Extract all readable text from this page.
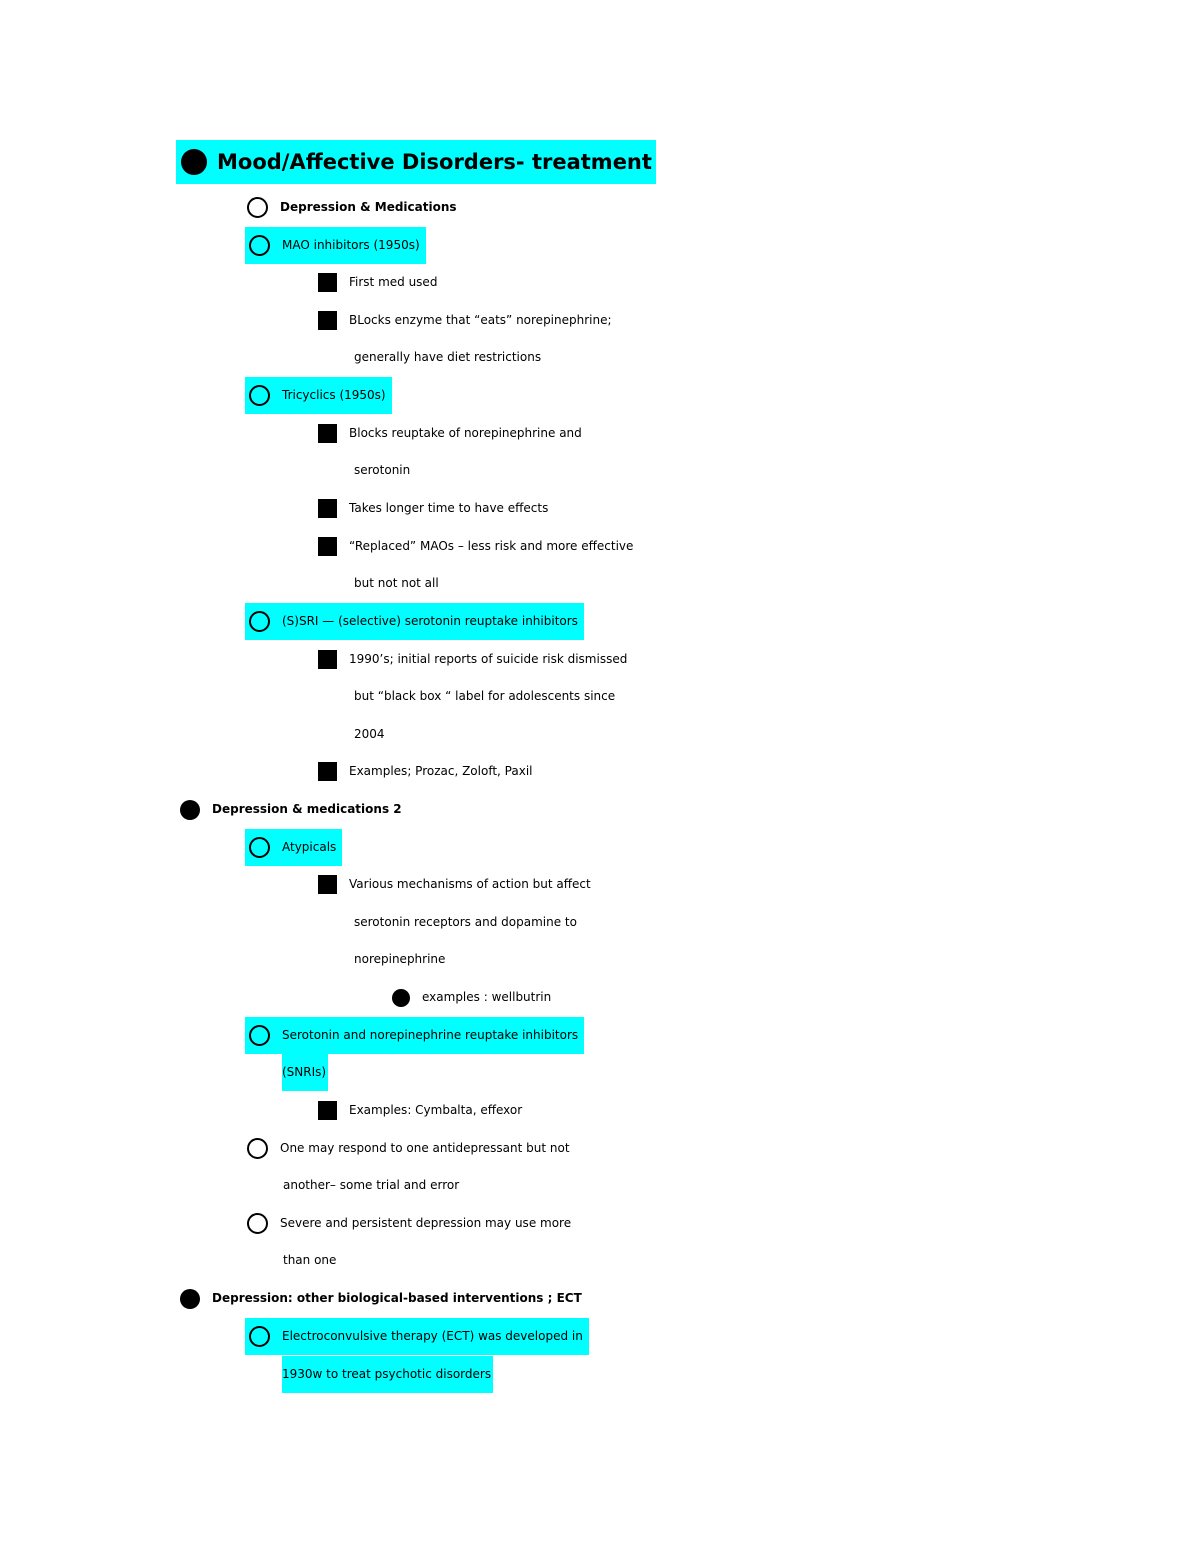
Mood/Affective Disorders- treatment
Depression & Medications
MAO inhibitors (1950s)
First med used
BLocks enzyme that “eats” norepinephrine;
generally have diet restrictions
Tricyclics (1950s)
Blocks reuptake of norepinephrine and
serotonin
Takes longer time to have effects
“Replaced” MAOs – less risk and more effective
but not not all
(S)SRI — (selective) serotonin reuptake inhibitors
1990’s; initial reports of suicide risk dismissed
but “black box “ label for adolescents since
2004
Examples; Prozac, Zoloft, Paxil
Depression & medications 2
Atypicals
Various mechanisms of action but affect
serotonin receptors and dopamine to
norepinephrine
examples : wellbutrin
Serotonin and norepinephrine reuptake inhibitors
(SNRIs)
Examples: Cymbalta, effexor
One may respond to one antidepressant but not
another– some trial and error
Severe and persistent depression may use more
than one
Depression: other biological-based interventions ; ECT
Electroconvulsive therapy (ECT) was developed in
1930w to treat psychotic disorders
